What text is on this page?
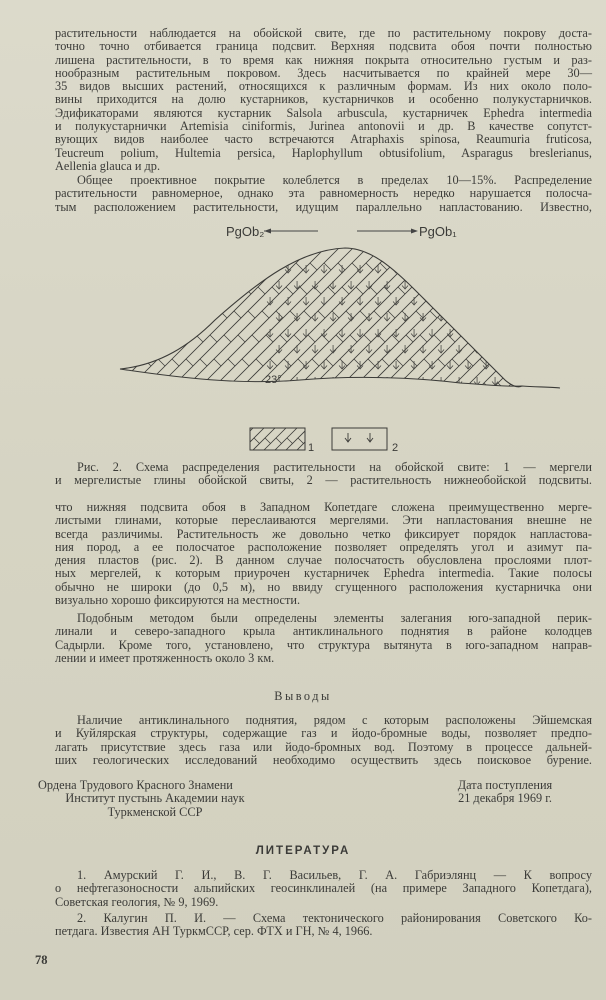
растительности наблюдается на обойской свите, где по растительному покрову доста-
точно точно отбивается граница подсвит. Верхняя подсвита обоя почти полностью
лишена растительности, в то время как нижняя покрыта относительно густым и раз-
нообразным растительным покровом. Здесь насчитывается по крайней мере 30—
35 видов высших растений, относящихся к различным формам. Из них около поло-
вины приходится на долю кустарников, кустарничков и особенно полукустарничков.
Эдификаторами являются кустарник Salsola arbuscula, кустарничек Ephedra intermedia
и полукустарнички Artemisia ciniformis, Jurinea antonovii и др. В качестве сопутст-
вующих видов наиболее часто встречаются Atraphaxis spinosa, Reaumuria fruticosa,
Teucreum polium, Hultemia persica, Haplophyllum obtusifolium, Asparagus breslerianus,
Aellenia glauca и др.
Общее проективное покрытие колеблется в пределах 10—15%. Распределение
растительности равномерное, однако эта равномерность нередко нарушается полосча-
тым расположением растительности, идущим параллельно напластованию. Известно,
PgOb₂	PgOb₁
23°
1	2
Рис. 2. Схема распределения растительности на обойской свите: 1 — мергели
и мергелистые глины обойской свиты, 2 — растительность нижнеобойской подсвиты.
что нижняя подсвита обоя в Западном Копетдаге сложена преимущественно мерге-
листыми глинами, которые переслаиваются мергелями. Эти напластования внешне не
всегда различимы. Растительность же довольно четко фиксирует порядок напластова-
ния пород, а ее полосчатое расположение позволяет определять угол и азимут па-
дения пластов (рис. 2). В данном случае полосчатость обусловлена прослоями плот-
ных мергелей, к которым приурочен кустарничек Ephedra intermedia. Такие полосы
обычно не широки (до 0,5 м), но ввиду сгущенного расположения кустарничка они
визуально хорошо фиксируются на местности.
Подобным методом были определены элементы залегания юго-западной перик-
линали и северо-западного крыла антиклинального поднятия в районе колодцев
Садырли. Кроме того, установлено, что структура вытянута в юго-западном направ-
лении и имеет протяженность около 3 км.
Выводы
Наличие антиклинального поднятия, рядом с которым расположены Эйшемская
и Куйлярская структуры, содержащие газ и йодо-бромные воды, позволяет предпо-
лагать присутствие здесь газа или йодо-бромных вод. Поэтому в процессе дальней-
ших геологических исследований необходимо осуществить здесь поисковое бурение.
Ордена Трудового Красного Знамени
Институт пустынь Академии наук
Туркменской ССР
Дата поступления
21 декабря 1969 г.
ЛИТЕРАТУРА
1. Амурский Г. И., В. Г. Васильев, Г. А. Габриэлянц — К вопросу
о нефтегазоносности альпийских геосинклиналей (на примере Западного Копетдага),
Советская геология, № 9, 1969.
2. Калугин П. И. — Схема тектонического районирования Советского Ко-
петдага. Известия АН ТуркмССР, сер. ФТХ и ГН, № 4, 1966.
78
